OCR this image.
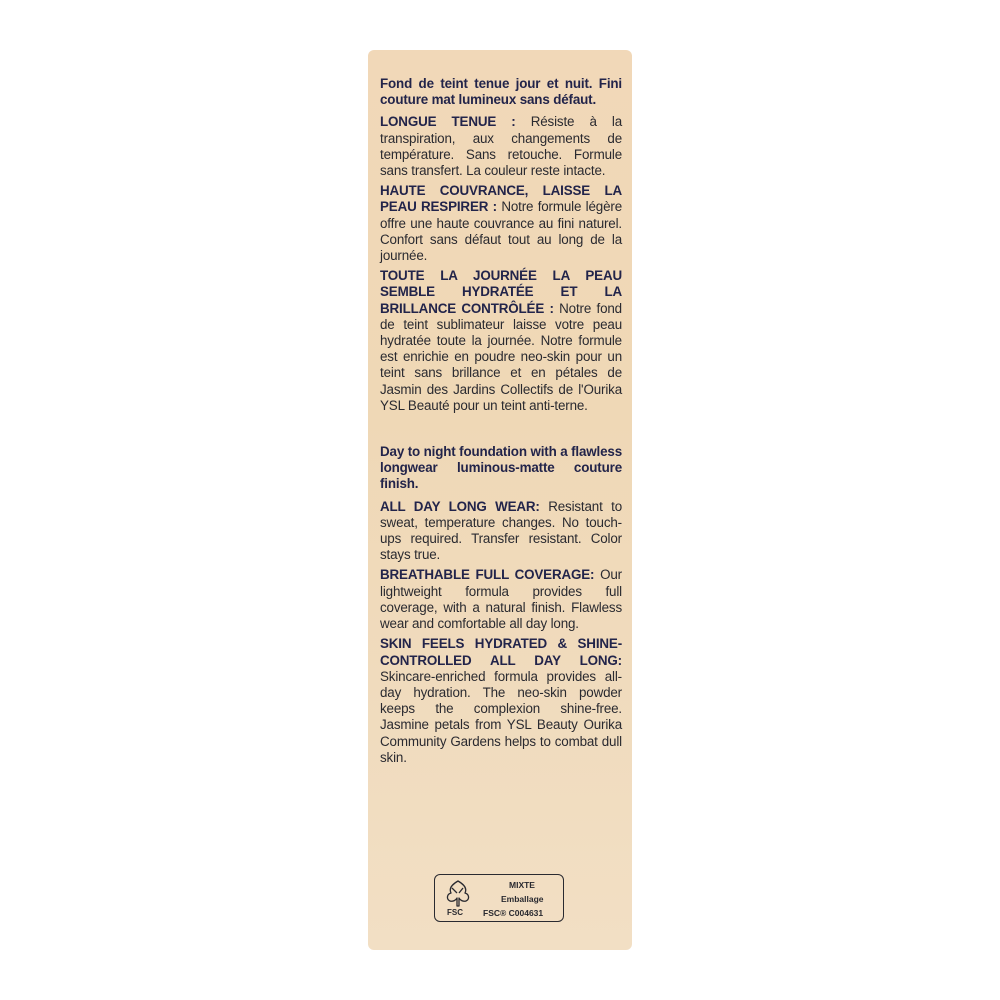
Fond de teint tenue jour et nuit. Fini couture mat lumineux sans défaut.

LONGUE TENUE : Résiste à la transpiration, aux changements de température. Sans retouche. Formule sans transfert. La couleur reste intacte.

HAUTE COUVRANCE, LAISSE LA PEAU RESPIRER : Notre formule légère offre une haute couvrance au fini naturel. Confort sans défaut tout au long de la journée.

TOUTE LA JOURNÉE LA PEAU SEMBLE HYDRATÉE ET LA BRILLANCE CONTRÔLÉE : Notre fond de teint sublimateur laisse votre peau hydratée toute la journée. Notre formule est enrichie en poudre neo-skin pour un teint sans brillance et en pétales de Jasmin des Jardins Collectifs de l'Ourika YSL Beauté pour un teint anti-terne.

Day to night foundation with a flawless longwear luminous-matte couture finish.

ALL DAY LONG WEAR: Resistant to sweat, temperature changes. No touch-ups required. Transfer resistant. Color stays true.

BREATHABLE FULL COVERAGE: Our lightweight formula provides full coverage, with a natural finish. Flawless wear and comfortable all day long.

SKIN FEELS HYDRATED & SHINE-CONTROLLED ALL DAY LONG: Skincare-enriched formula provides all-day hydration. The neo-skin powder keeps the complexion shine-free. Jasmine petals from YSL Beauty Ourika Community Gardens helps to combat dull skin.

FSC
MIXTE
Emballage
FSC® C004631
